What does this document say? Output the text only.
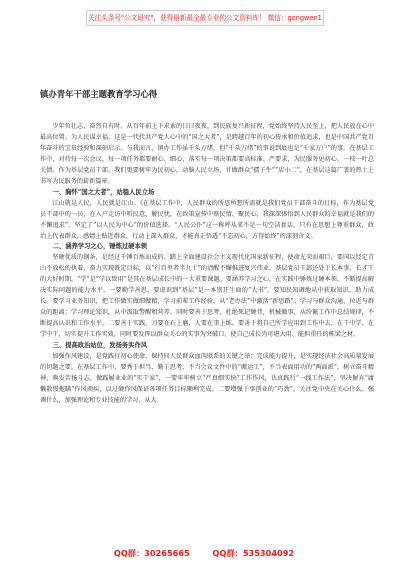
关注头条号"公文研究"，获得最新最全最专业的公文资料库！ 微信：gongwen1
镇办青年干部主题教育学习心得

少年负壮志，奋烈自有时。从百年前上下求索的日日夜夜，到民族复兴新征程，党始终坚持人民至上，把人民放在心中最高位置。为人民谋幸福，这是一代代共产党人心中的“国之大者”，是跨越百年的初心传承和价值追求，也是中国共产党百年奋斗的宝贵经验和深刻启示。与我而言，镇办工作虽千头万绪，但“千头万绪”的事说到底也是“千家万户”的事。在基层工作中，对待每一次会议、每一项任务都要耐心、细心，落实每一项决策都要高标准、严要求，为民服务见初心，一枝一叶总关情。作为基层党员干部，我们更要树牢为民初心，动脑人民立场，甘做群众“孺子牛”“店小二”，在基层这篇广袤的热土上书写为民服务的崭新篇章。

一、胸怀“国之大者”，站稳人民立场

江山就是人民，人民就是江山。《在基层工作中，人民群众的所思所想所需就是我们党员干部奋斗的目标，作为基层党员干部中的一员，在入户走访中听民意、解民忧，在政策宣传中察民情、聚民心，我深深体悟到人民群众的幸福就是我们的不懈追求”，坚定了“以人民为中心”的价值选择。“人民公仆”这一称呼从来不是一句空洁套话，只有在思想上尊重群众，政治上代表群众，感情上贴近群众，行动上深入群众，才能真正悟透“不忘初心，方得始终”的深刻含义。

二、涵养学习之心，锤炼过硬本领

坚硬优质的钢条，是经过千锤百炼而成的。踏上全面建设社会主义现代化国家新征程，使命光荣而艰巨，要国以经定青山不放松的执着，奋力实现既定目标，以“行百里者半九十”的清醒不懈推进复兴伟业。基层党员干部还处于长本事、长才干的大好时期，“学”是“学以致用”是其在基层成长中的一大重要课题。要涵养学习之心，在实践中锤炼过硬本领，不断提高解决实际问题的能力水平，一要勤学善思。要虚识到“基层”是一本别开生面的“大书”，要知民知调地从中获取知识，助力成长。要学习业务知识，把工作做实做细做精，学习前辈工作经验，从“老办法”中激活“新思路”；学习与群众沟通，拉近与群众的距离；学习理论知识，从中汲取警醒和营养。同时要善于思考，杜绝死记硬背，机械做事，从纷繁工作中总结规律，不断提高认识和工作水平。二要善于实践。刀要在石上磨，人要在事上练。要善于将自己所学应用到工作中去，在干中学、在学中干，切实提升工作实效，同时要发挥以群众关心的实事为突破口，使自己成长为可堪大用、能担重任的栋梁之材。

三、提高政治站位，发扬务实作风

加强作风建设，是党践行初心使命、保持同人民群众血肉联系的关键之举；完成能力提升，是实现经济社会高质量发展的切题之要。在基层工作中，要秀于担当、勤于思考，不当会议文件中的“搬运工”，不当表面用功的“两面派”，树立奋斗精神，唤发苦扬斗志，做践履业业的“实干家”，一要牢牢树立“严真细实快”工作作风，认真践行“一线工作法”，坚决摒弃“庸懒散慢拖瞒”作风顽疾，以过硬作风保证各项任务目标顺利完成。二要增强于事创业的“巧劲”。关注党中央在关心什么、强调什么，加强理论和专业技能的学习，从大

QQ群：30265665	QQ群：535304092
